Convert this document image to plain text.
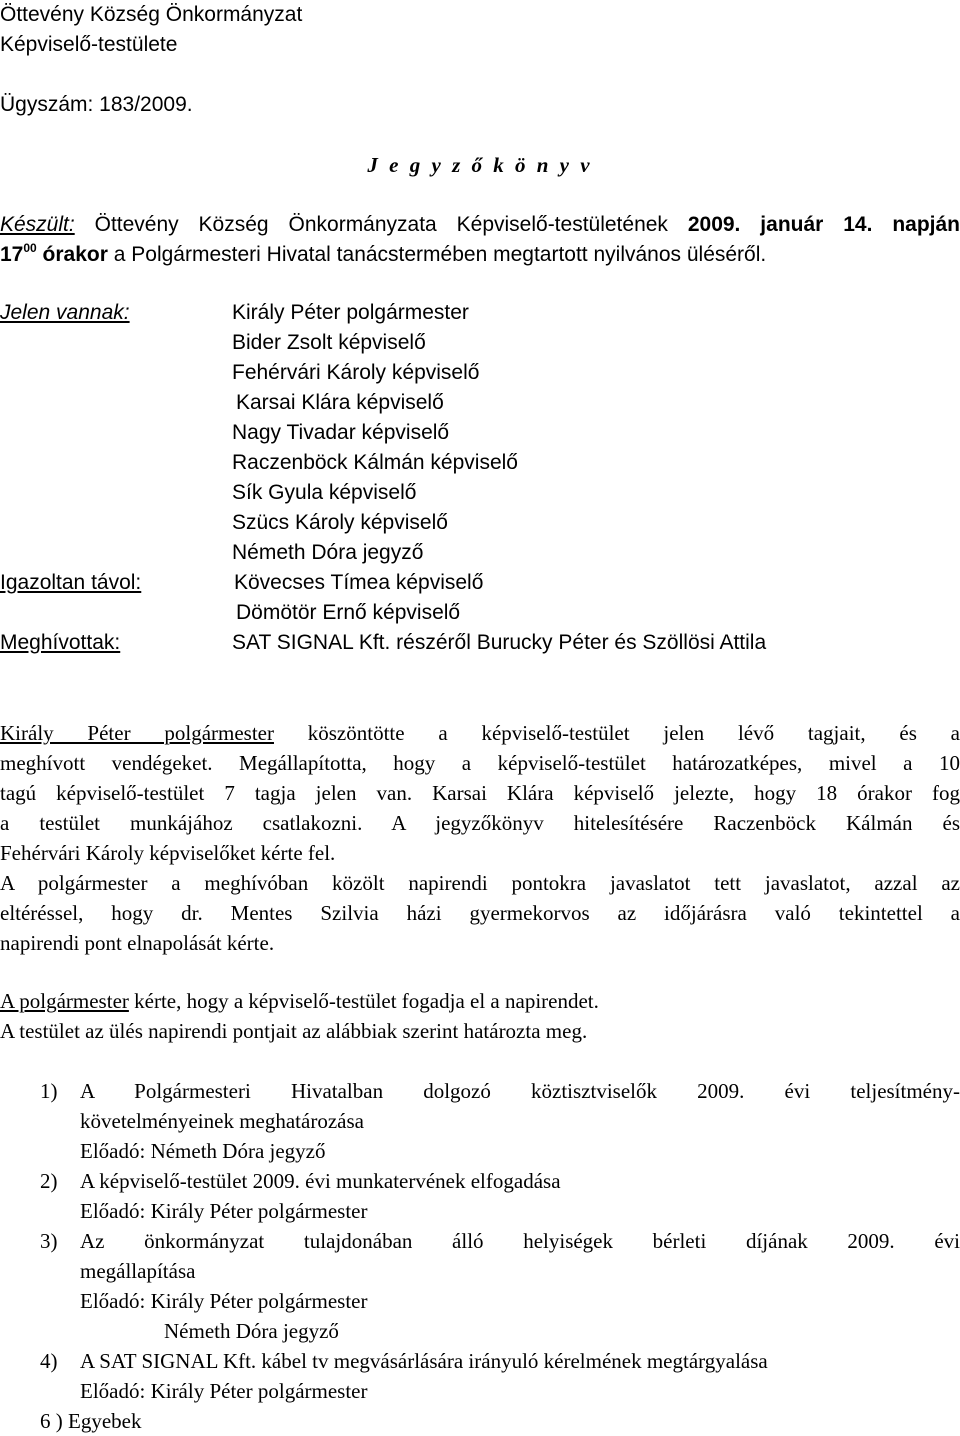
Öttevény Község Önkormányzat
Képviselő-testülete
Ügyszám: 183/2009.
J e g y z ő k ö n y v
Készült: Öttevény Község Önkormányzata Képviselő-testületének 2009. január 14. napján
$17^{00}$ órakor a Polgármesteri Hivatal tanácstermében megtartott nyilvános üléséről.
Jelen vannak:	Király Péter polgármester
Bider Zsolt képviselő
Fehérvári Károly képviselő
Karsai Klára képviselő
Nagy Tivadar képviselő
Raczenböck Kálmán képviselő
Sík Gyula képviselő
Szücs Károly képviselő
Németh Dóra jegyző
Igazoltan távol:	Kövecses Tímea képviselő
Dömötör Ernő képviselő
Meghívottak:	SAT SIGNAL Kft. részéről Burucky Péter és Szöllösi Attila
Király Péter polgármester köszöntötte a képviselő-testület jelen lévő tagjait, és a
meghívott vendégeket. Megállapította, hogy a képviselő-testület határozatképes, mivel a 10
tagú képviselő-testület 7 tagja jelen van. Karsai Klára képviselő jelezte, hogy 18 órakor fog
a testület munkájához csatlakozni. A jegyzőkönyv hitelesítésére Raczenböck Kálmán és
Fehérvári Károly képviselőket kérte fel.
A polgármester a meghívóban közölt napirendi pontokra javaslatot tett javaslatot, azzal az
eltéréssel, hogy dr. Mentes Szilvia házi gyermekorvos az időjárásra való tekintettel a
napirendi pont elnapolását kérte.
A polgármester kérte, hogy a képviselő-testület fogadja el a napirendet.
A testület az ülés napirendi pontjait az alábbiak szerint határozta meg.
1) A Polgármesteri Hivatalban dolgozó köztisztviselők 2009. évi teljesítmény-
követelményeinek meghatározása
Előadó: Németh Dóra jegyző
2) A képviselő-testület 2009. évi munkatervének elfogadása
Előadó: Király Péter polgármester
3) Az önkormányzat tulajdonában álló helyiségek bérleti díjának 2009. évi
megállapítása
Előadó: Király Péter polgármester
Németh Dóra jegyző
4) A SAT SIGNAL Kft. kábel tv megvásárlására irányuló kérelmének megtárgyalása
Előadó: Király Péter polgármester
6 ) Egyebek
